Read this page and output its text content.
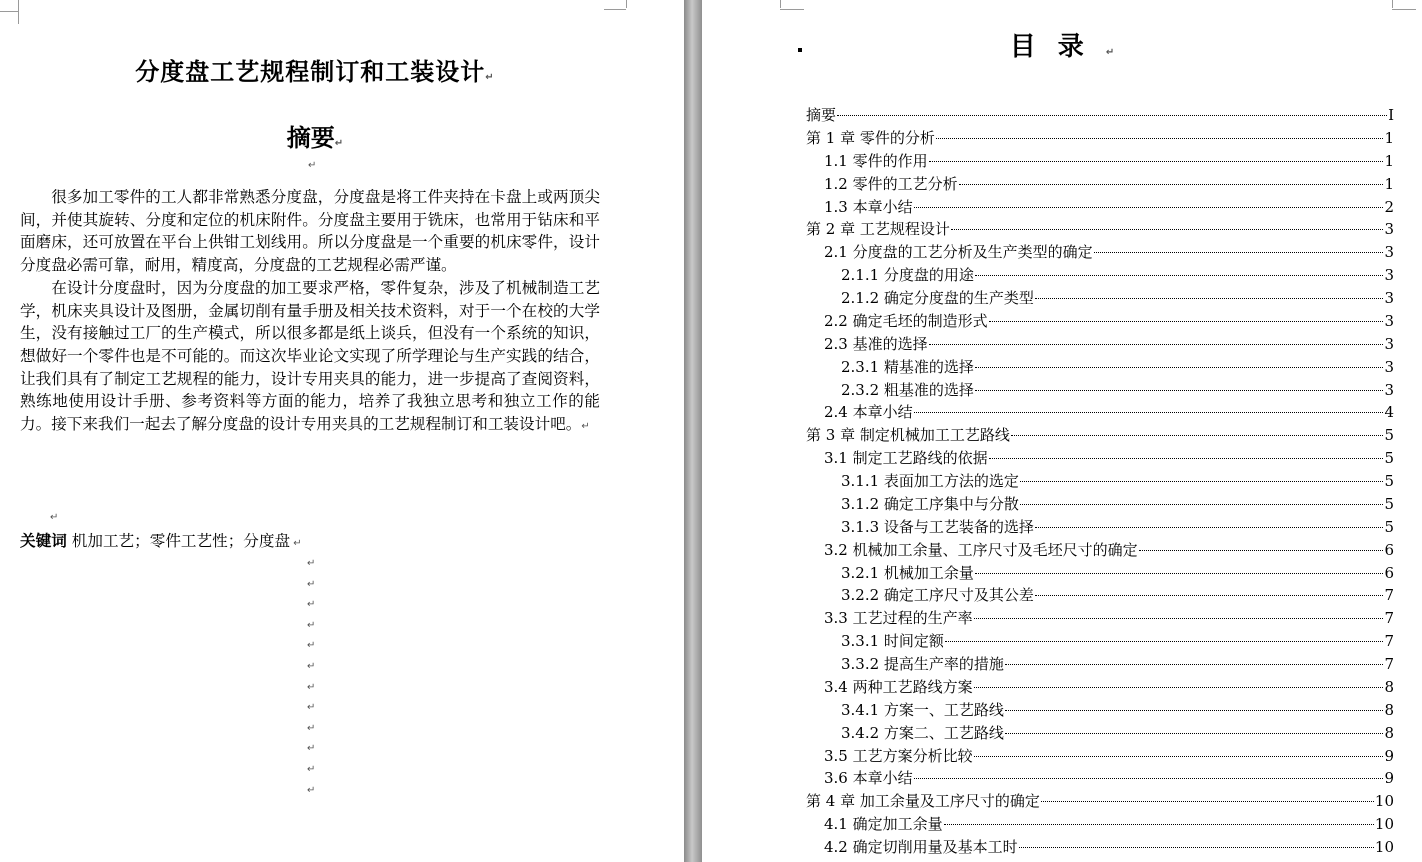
分度盘工艺规程制订和工装设计↵
摘要↵
↵

很多加工零件的工人都非常熟悉分度盘，分度盘是将工件夹持在卡盘上或两顶尖间，并使其旋转、分度和定位的机床附件。分度盘主要用于铣床，也常用于钻床和平面磨床，还可放置在平台上供钳工划线用。所以分度盘是一个重要的机床零件，设计分度盘必需可靠，耐用，精度高，分度盘的工艺规程必需严谨。

在设计分度盘时，因为分度盘的加工要求严格，零件复杂，涉及了机械制造工艺学，机床夹具设计及图册，金属切削有量手册及相关技术资料，对于一个在校的大学生，没有接触过工厂的生产模式，所以很多都是纸上谈兵，但没有一个系统的知识，想做好一个零件也是不可能的。而这次毕业论文实现了所学理论与生产实践的结合，让我们具有了制定工艺规程的能力，设计专用夹具的能力，进一步提高了查阅资料，熟练地使用设计手册、参考资料等方面的能力，培养了我独立思考和独立工作的能力。接下来我们一起去了解分度盘的设计专用夹具的工艺规程制订和工装设计吧。↵

↵
关键词 机加工艺；零件工艺性；分度盘 ↵
↵
↵
↵
↵
↵
↵
↵
↵
↵
↵
↵
↵
目录↵
摘要	I
第 1 章 零件的分析	1
1.1 零件的作用	1
1.2 零件的工艺分析	1
1.3 本章小结	2
第 2 章 工艺规程设计	3
2.1 分度盘的工艺分析及生产类型的确定	3
2.1.1 分度盘的用途	3
2.1.2 确定分度盘的生产类型	3
2.2 确定毛坯的制造形式	3
2.3 基准的选择	3
2.3.1 精基准的选择	3
2.3.2 粗基准的选择	3
2.4 本章小结	4
第 3 章 制定机械加工工艺路线	5
3.1 制定工艺路线的依据	5
3.1.1 表面加工方法的选定	5
3.1.2 确定工序集中与分散	5
3.1.3 设备与工艺装备的选择	5
3.2 机械加工余量、工序尺寸及毛坯尺寸的确定	6
3.2.1 机械加工余量	6
3.2.2 确定工序尺寸及其公差	7
3.3 工艺过程的生产率	7
3.3.1 时间定额	7
3.3.2 提高生产率的措施	7
3.4 两种工艺路线方案	8
3.4.1 方案一、工艺路线	8
3.4.2 方案二、工艺路线	8
3.5 工艺方案分析比较	9
3.6 本章小结	9
第 4 章 加工余量及工序尺寸的确定	10
4.1 确定加工余量	10
4.2 确定切削用量及基本工时	10
